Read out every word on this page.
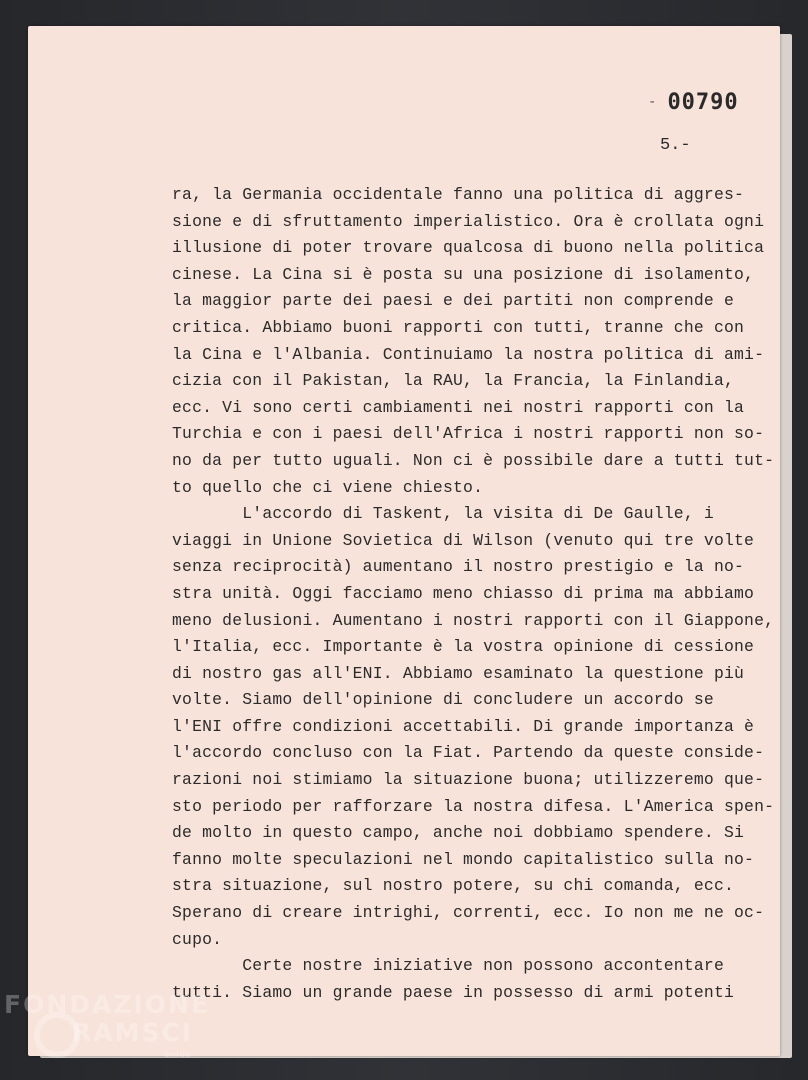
- 00790
5.-
ra, la Germania occidentale fanno una politica di aggres-
sione e di sfruttamento imperialistico. Ora è crollata ogni
illusione di poter trovare qualcosa di buono nella politica
cinese. La Cina si è posta su una posizione di isolamento,
la maggior parte dei paesi e dei partiti non comprende e
critica. Abbiamo buoni rapporti con tutti, tranne che con
la Cina e l'Albania. Continuiamo la nostra politica di ami-
cizia con il Pakistan, la RAU, la Francia, la Finlandia,
ecc. Vi sono certi cambiamenti nei nostri rapporti con la
Turchia e con i paesi dell'Africa i nostri rapporti non so-
no da per tutto uguali. Non ci è possibile dare a tutti tut-
to quello che ci viene chiesto.
L'accordo di Taskent, la visita di De Gaulle, i
viaggi in Unione Sovietica di Wilson (venuto qui tre volte
senza reciprocità) aumentano il nostro prestigio e la no-
stra unità. Oggi facciamo meno chiasso di prima ma abbiamo
meno delusioni. Aumentano i nostri rapporti con il Giappone,
l'Italia, ecc. Importante è la vostra opinione di cessione
di nostro gas all'ENI. Abbiamo esaminato la questione più
volte. Siamo dell'opinione di concludere un accordo se
l'ENI offre condizioni accettabili. Di grande importanza è
l'accordo concluso con la Fiat. Partendo da queste conside-
razioni noi stimiamo la situazione buona; utilizzeremo que-
sto periodo per rafforzare la nostra difesa. L'America spen-
de molto in questo campo, anche noi dobbiamo spendere. Si
fanno molte speculazioni nel mondo capitalistico sulla no-
stra situazione, sul nostro potere, su chi comanda, ecc.
Sperano di creare intrighi, correnti, ecc. Io non me ne oc-
cupo.
Certe nostre iniziative non possono accontentare
tutti. Siamo un grande paese in possesso di armi potenti
FONDAZIONE
RAMSCI
onlus
